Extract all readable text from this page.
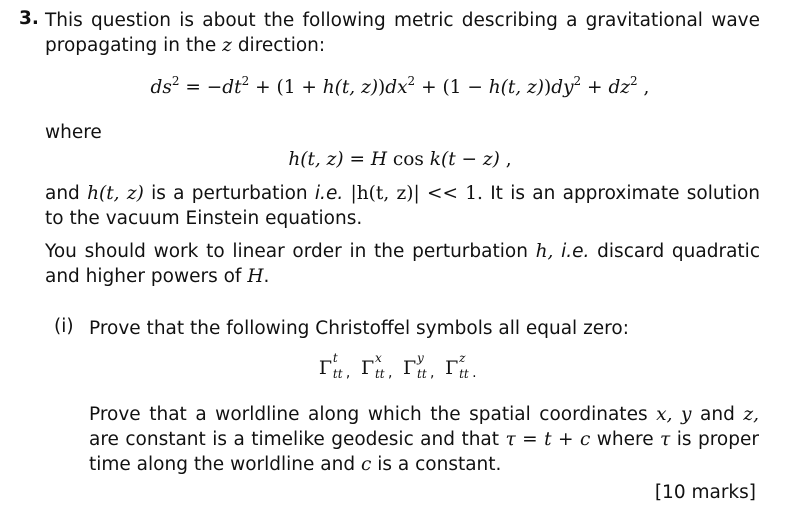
3. This question is about the following metric describing a gravitational wave propagating in the z direction:
$ds^2 = -dt^2 + (1 + h(t$, $z))dx^2 + (1 - h(t$, $z))dy^2 + dz^2$ ,
where
h(t, z) = H cos k(t − z) ,
and h(t, z) is a perturbation i.e. |h(t, z)| << 1. It is an approximate solution to the vacuum Einstein equations.
You should work to linear order in the perturbation h, i.e. discard quadratic and higher powers of H.
(i) Prove that the following Christoffel symbols all equal zero:
Γ t
tt ,
Γ x
tt ,
Γ y
tt ,
Γ z
tt .
Prove that a worldline along which the spatial coordinates x, y and z, are constant is a timelike geodesic and that τ = t + c where τ is proper time along the worldline and c is a constant.
[10 marks]
